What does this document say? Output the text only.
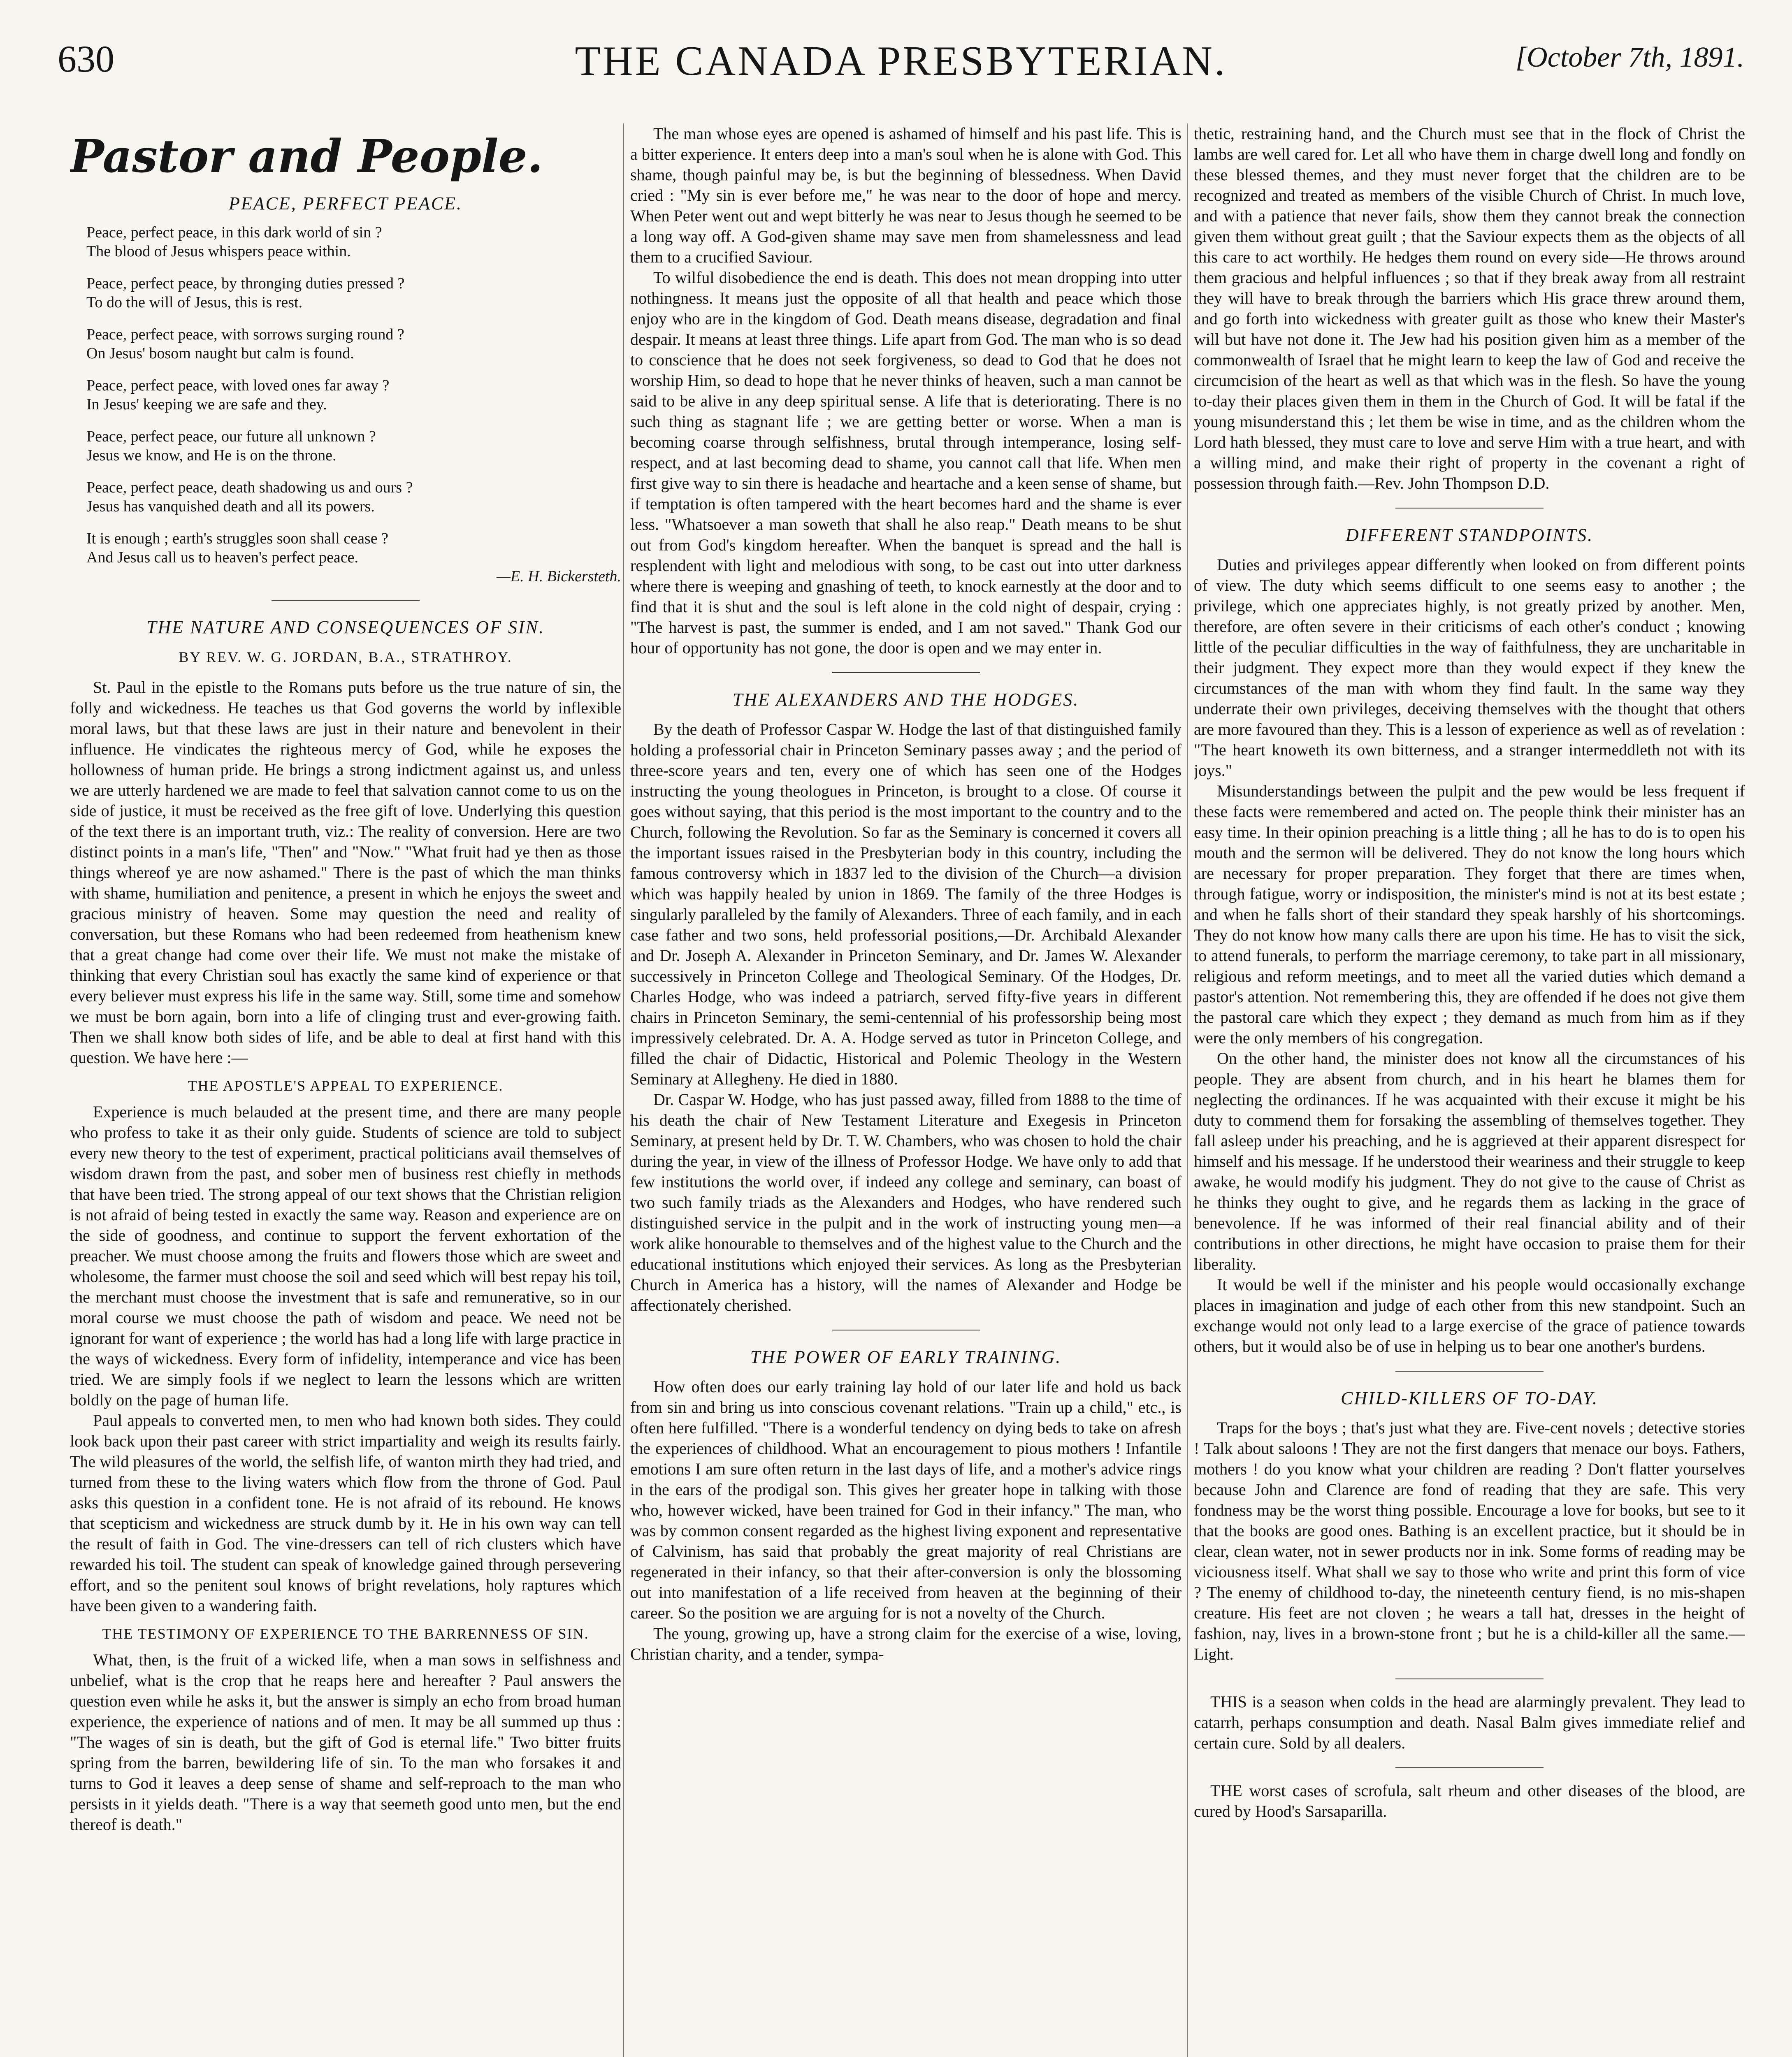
THE CANADA PRESBYTERIAN.
630	[October 7th, 1891.
Pastor and People.
PEACE, PERFECT PEACE.
Peace, perfect peace, in this dark world of sin ?
The blood of Jesus whispers peace within.
Peace, perfect peace, by thronging duties pressed ?
To do the will of Jesus, this is rest.
Peace, perfect peace, with sorrows surging round ?
On Jesus' bosom naught but calm is found.
Peace, perfect peace, with loved ones far away ?
In Jesus' keeping we are safe and they.
Peace, perfect peace, our future all unknown ?
Jesus we know, and He is on the throne.
Peace, perfect peace, death shadowing us and ours ?
Jesus has vanquished death and all its powers.
It is enough ; earth's struggles soon shall cease ?
And Jesus call us to heaven's perfect peace.
—E. H. Bickersteth.
THE NATURE AND CONSEQUENCES OF SIN.
BY REV. W. G. JORDAN, B.A., STRATHROY.

St. Paul in the epistle to the Romans puts before us the true nature of sin, the folly and wickedness. He teaches us that God governs the world by inflexible moral laws, but that these laws are just in their nature and benevolent in their influence. He vindicates the righteous mercy of God, while he exposes the hollowness of human pride. He brings a strong indictment against us, and unless we are utterly hardened we are made to feel that salvation cannot come to us on the side of justice, it must be received as the free gift of love. Underlying this question of the text there is an important truth, viz.: The reality of conversion. Here are two distinct points in a man's life, "Then" and "Now." "What fruit had ye then as those things whereof ye are now ashamed." There is the past of which the man thinks with shame, humiliation and penitence, a present in which he enjoys the sweet and gracious ministry of heaven. Some may question the need and reality of conversation, but these Romans who had been redeemed from heathenism knew that a great change had come over their life. We must not make the mistake of thinking that every Christian soul has exactly the same kind of experience or that every believer must express his life in the same way. Still, some time and somehow we must be born again, born into a life of clinging trust and ever-growing faith. Then we shall know both sides of life, and be able to deal at first hand with this question. We have here :—

THE APOSTLE'S APPEAL TO EXPERIENCE.

Experience is much belauded at the present time, and there are many people who profess to take it as their only guide. Students of science are told to subject every new theory to the test of experiment, practical politicians avail themselves of wisdom drawn from the past, and sober men of business rest chiefly in methods that have been tried. The strong appeal of our text shows that the Christian religion is not afraid of being tested in exactly the same way. Reason and experience are on the side of goodness, and continue to support the fervent exhortation of the preacher. We must choose among the fruits and flowers those which are sweet and wholesome, the farmer must choose the soil and seed which will best repay his toil, the merchant must choose the investment that is safe and remunerative, so in our moral course we must choose the path of wisdom and peace. We need not be ignorant for want of experience ; the world has had a long life with large practice in the ways of wickedness. Every form of infidelity, intemperance and vice has been tried. We are simply fools if we neglect to learn the lessons which are written boldly on the page of human life.

Paul appeals to converted men, to men who had known both sides. They could look back upon their past career with strict impartiality and weigh its results fairly. The wild pleasures of the world, the selfish life, of wanton mirth they had tried, and turned from these to the living waters which flow from the throne of God. Paul asks this question in a confident tone. He is not afraid of its rebound. He knows that scepticism and wickedness are struck dumb by it. He in his own way can tell the result of faith in God. The vine-dressers can tell of rich clusters which have rewarded his toil. The student can speak of knowledge gained through persevering effort, and so the penitent soul knows of bright revelations, holy raptures which have been given to a wandering faith.

THE TESTIMONY OF EXPERIENCE TO THE BARRENNESS OF SIN.

What, then, is the fruit of a wicked life, when a man sows in selfishness and unbelief, what is the crop that he reaps here and hereafter ? Paul answers the question even while he asks it, but the answer is simply an echo from broad human experience, the experience of nations and of men. It may be all summed up thus : "The wages of sin is death, but the gift of God is eternal life." Two bitter fruits spring from the barren, bewildering life of sin. To the man who forsakes it and turns to God it leaves a deep sense of shame and self-reproach to the man who persists in it yields death. "There is a way that seemeth good unto men, but the end thereof is death."

The man whose eyes are opened is ashamed of himself and his past life. This is a bitter experience. It enters deep into a man's soul when he is alone with God. This shame, though painful may be, is but the beginning of blessedness. When David cried : "My sin is ever before me," he was near to the door of hope and mercy. When Peter went out and wept bitterly he was near to Jesus though he seemed to be a long way off. A God-given shame may save men from shamelessness and lead them to a crucified Saviour.

To wilful disobedience the end is death. This does not mean dropping into utter nothingness. It means just the opposite of all that health and peace which those enjoy who are in the kingdom of God. Death means disease, degradation and final despair. It means at least three things. Life apart from God. The man who is so dead to conscience that he does not seek forgiveness, so dead to God that he does not worship Him, so dead to hope that he never thinks of heaven, such a man cannot be said to be alive in any deep spiritual sense. A life that is deteriorating. There is no such thing as stagnant life ; we are getting better or worse. When a man is becoming coarse through selfishness, brutal through intemperance, losing self-respect, and at last becoming dead to shame, you cannot call that life. When men first give way to sin there is headache and heartache and a keen sense of shame, but if temptation is often tampered with the heart becomes hard and the shame is ever less. "Whatsoever a man soweth that shall he also reap." Death means to be shut out from God's kingdom hereafter. When the banquet is spread and the hall is resplendent with light and melodious with song, to be cast out into utter darkness where there is weeping and gnashing of teeth, to knock earnestly at the door and to find that it is shut and the soul is left alone in the cold night of despair, crying : "The harvest is past, the summer is ended, and I am not saved." Thank God our hour of opportunity has not gone, the door is open and we may enter in.

THE ALEXANDERS AND THE HODGES.

By the death of Professor Caspar W. Hodge the last of that distinguished family holding a professorial chair in Princeton Seminary passes away ; and the period of three-score years and ten, every one of which has seen one of the Hodges instructing the young theologues in Princeton, is brought to a close. Of course it goes without saying, that this period is the most important to the country and to the Church, following the Revolution. So far as the Seminary is concerned it covers all the important issues raised in the Presbyterian body in this country, including the famous controversy which in 1837 led to the division of the Church—a division which was happily healed by union in 1869. The family of the three Hodges is singularly paralleled by the family of Alexanders. Three of each family, and in each case father and two sons, held professorial positions,—Dr. Archibald Alexander and Dr. Joseph A. Alexander in Princeton Seminary, and Dr. James W. Alexander successively in Princeton College and Theological Seminary. Of the Hodges, Dr. Charles Hodge, who was indeed a patriarch, served fifty-five years in different chairs in Princeton Seminary, the semi-centennial of his professorship being most impressively celebrated. Dr. A. A. Hodge served as tutor in Princeton College, and filled the chair of Didactic, Historical and Polemic Theology in the Western Seminary at Allegheny. He died in 1880.

Dr. Caspar W. Hodge, who has just passed away, filled from 1888 to the time of his death the chair of New Testament Literature and Exegesis in Princeton Seminary, at present held by Dr. T. W. Chambers, who was chosen to hold the chair during the year, in view of the illness of Professor Hodge. We have only to add that few institutions the world over, if indeed any college and seminary, can boast of two such family triads as the Alexanders and Hodges, who have rendered such distinguished service in the pulpit and in the work of instructing young men—a work alike honourable to themselves and of the highest value to the Church and the educational institutions which enjoyed their services. As long as the Presbyterian Church in America has a history, will the names of Alexander and Hodge be affectionately cherished.

THE POWER OF EARLY TRAINING.

How often does our early training lay hold of our later life and hold us back from sin and bring us into conscious covenant relations. "Train up a child," etc., is often here fulfilled. "There is a wonderful tendency on dying beds to take on afresh the experiences of childhood. What an encouragement to pious mothers ! Infantile emotions I am sure often return in the last days of life, and a mother's advice rings in the ears of the prodigal son. This gives her greater hope in talking with those who, however wicked, have been trained for God in their infancy." The man, who was by common consent regarded as the highest living exponent and representative of Calvinism, has said that probably the great majority of real Christians are regenerated in their infancy, so that their after-conversion is only the blossoming out into manifestation of a life received from heaven at the beginning of their career. So the position we are arguing for is not a novelty of the Church.

The young, growing up, have a strong claim for the exercise of a wise, loving, Christian charity, and a tender, sympa-

thetic, restraining hand, and the Church must see that in the flock of Christ the lambs are well cared for. Let all who have them in charge dwell long and fondly on these blessed themes, and they must never forget that the children are to be recognized and treated as members of the visible Church of Christ. In much love, and with a patience that never fails, show them they cannot break the connection given them without great guilt ; that the Saviour expects them as the objects of all this care to act worthily. He hedges them round on every side—He throws around them gracious and helpful influences ; so that if they break away from all restraint they will have to break through the barriers which His grace threw around them, and go forth into wickedness with greater guilt as those who knew their Master's will but have not done it. The Jew had his position given him as a member of the commonwealth of Israel that he might learn to keep the law of God and receive the circumcision of the heart as well as that which was in the flesh. So have the young to-day their places given them in them in the Church of God. It will be fatal if the young misunderstand this ; let them be wise in time, and as the children whom the Lord hath blessed, they must care to love and serve Him with a true heart, and with a willing mind, and make their right of property in the covenant a right of possession through faith.—Rev. John Thompson D.D.

DIFFERENT STANDPOINTS.

Duties and privileges appear differently when looked on from different points of view. The duty which seems difficult to one seems easy to another ; the privilege, which one appreciates highly, is not greatly prized by another. Men, therefore, are often severe in their criticisms of each other's conduct ; knowing little of the peculiar difficulties in the way of faithfulness, they are uncharitable in their judgment. They expect more than they would expect if they knew the circumstances of the man with whom they find fault. In the same way they underrate their own privileges, deceiving themselves with the thought that others are more favoured than they. This is a lesson of experience as well as of revelation : "The heart knoweth its own bitterness, and a stranger intermeddleth not with its joys."

Misunderstandings between the pulpit and the pew would be less frequent if these facts were remembered and acted on. The people think their minister has an easy time. In their opinion preaching is a little thing ; all he has to do is to open his mouth and the sermon will be delivered. They do not know the long hours which are necessary for proper preparation. They forget that there are times when, through fatigue, worry or indisposition, the minister's mind is not at its best estate ; and when he falls short of their standard they speak harshly of his shortcomings. They do not know how many calls there are upon his time. He has to visit the sick, to attend funerals, to perform the marriage ceremony, to take part in all missionary, religious and reform meetings, and to meet all the varied duties which demand a pastor's attention. Not remembering this, they are offended if he does not give them the pastoral care which they expect ; they demand as much from him as if they were the only members of his congregation.

On the other hand, the minister does not know all the circumstances of his people. They are absent from church, and in his heart he blames them for neglecting the ordinances. If he was acquainted with their excuse it might be his duty to commend them for forsaking the assembling of themselves together. They fall asleep under his preaching, and he is aggrieved at their apparent disrespect for himself and his message. If he understood their weariness and their struggle to keep awake, he would modify his judgment. They do not give to the cause of Christ as he thinks they ought to give, and he regards them as lacking in the grace of benevolence. If he was informed of their real financial ability and of their contributions in other directions, he might have occasion to praise them for their liberality.

It would be well if the minister and his people would occasionally exchange places in imagination and judge of each other from this new standpoint. Such an exchange would not only lead to a large exercise of the grace of patience towards others, but it would also be of use in helping us to bear one another's burdens.

CHILD-KILLERS OF TO-DAY.

Traps for the boys ; that's just what they are. Five-cent novels ; detective stories ! Talk about saloons ! They are not the first dangers that menace our boys. Fathers, mothers ! do you know what your children are reading ? Don't flatter yourselves because John and Clarence are fond of reading that they are safe. This very fondness may be the worst thing possible. Encourage a love for books, but see to it that the books are good ones. Bathing is an excellent practice, but it should be in clear, clean water, not in sewer products nor in ink. Some forms of reading may be viciousness itself. What shall we say to those who write and print this form of vice ? The enemy of childhood to-day, the nineteenth century fiend, is no mis-shapen creature. His feet are not cloven ; he wears a tall hat, dresses in the height of fashion, nay, lives in a brown-stone front ; but he is a child-killer all the same.—Light.

THIS is a season when colds in the head are alarmingly prevalent. They lead to catarrh, perhaps consumption and death. Nasal Balm gives immediate relief and certain cure. Sold by all dealers.

THE worst cases of scrofula, salt rheum and other diseases of the blood, are cured by Hood's Sarsaparilla.
